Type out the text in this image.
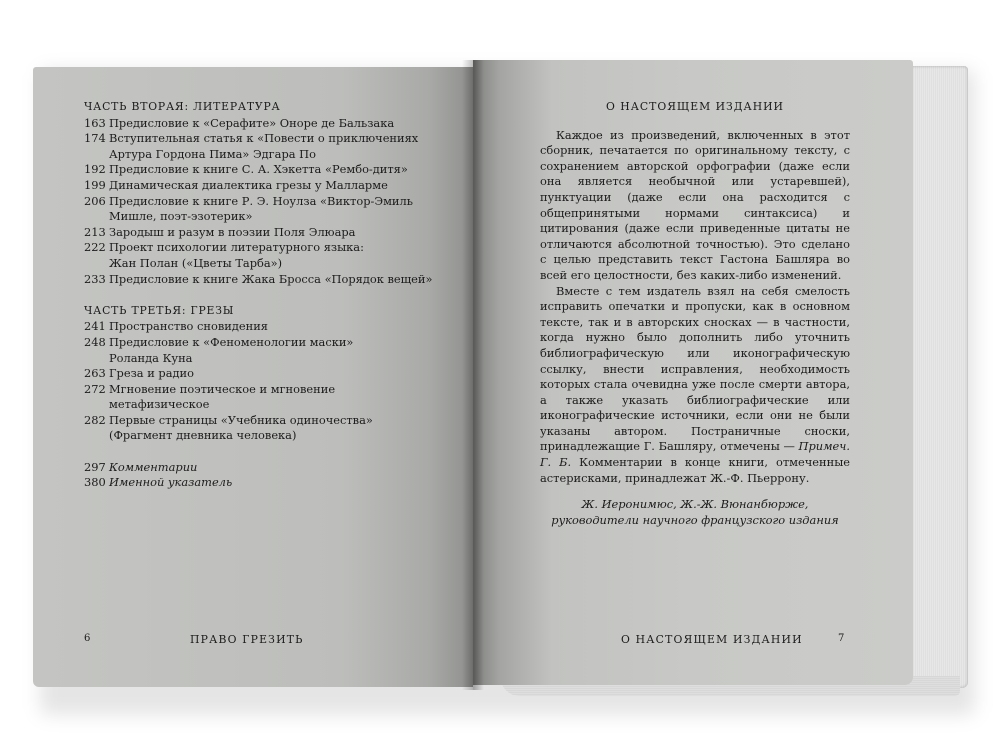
ЧАСТЬ ВТОРАЯ: ЛИТЕРАТУРА
163 Предисловие к «Серафите» Оноре де Бальзака
174 Вступительная статья к «Повести о приключениях
Артура Гордона Пима» Эдгара По
192 Предисловие к книге С. А. Хэкетта «Рембо-дитя»
199 Динамическая диалектика грезы у Малларме
206 Предисловие к книге Р. Э. Ноулза «Виктор-Эмиль
Мишле, поэт-эзотерик»
213 Зародыш и разум в поэзии Поля Элюара
222 Проект психологии литературного языка:
Жан Полан («Цветы Тарба»)
233 Предисловие к книге Жака Бросса «Порядок вещей»
ЧАСТЬ ТРЕТЬЯ: ГРЕЗЫ
241 Пространство сновидения
248 Предисловие к «Феноменологии маски»
Роланда Куна
263 Греза и радио
272 Мгновение поэтическое и мгновение
метафизическое
282 Первые страницы «Учебника одиночества»
(Фрагмент дневника человека)
297 Комментарии
380 Именной указатель
6	ПРАВО ГРЕЗИТЬ
О НАСТОЯЩЕМ ИЗДАНИИ

Каждое из произведений, включенных в этот сборник, печатается по оригинальному тексту, с сохранением авторской орфографии (даже если она является необычной или устаревшей), пунктуации (даже если она расходится с общепринятыми нормами синтаксиса) и цитирования (даже если приведенные цитаты не отличаются абсолютной точностью). Это сделано с целью представить текст Гастона Башляра во всей его целостности, без каких-либо изменений.

Вместе с тем издатель взял на себя смелость исправить опечатки и пропуски, как в основном тексте, так и в авторских сносках — в частности, когда нужно было дополнить либо уточнить библиографическую или иконографическую ссылку, внести исправления, необходимость которых стала очевидна уже после смерти автора, а также указать библиографические или иконографические источники, если они не были указаны автором. Постраничные сноски, принадлежащие Г. Башляру, отмечены — Примеч. Г. Б. Комментарии в конце книги, отмеченные астерисками, принадлежат Ж.-Ф. Пьеррону.

Ж. Иеронимюс, Ж.-Ж. Вюнанбюрже,
руководители научного французского издания
О НАСТОЯЩЕМ ИЗДАНИИ	7
